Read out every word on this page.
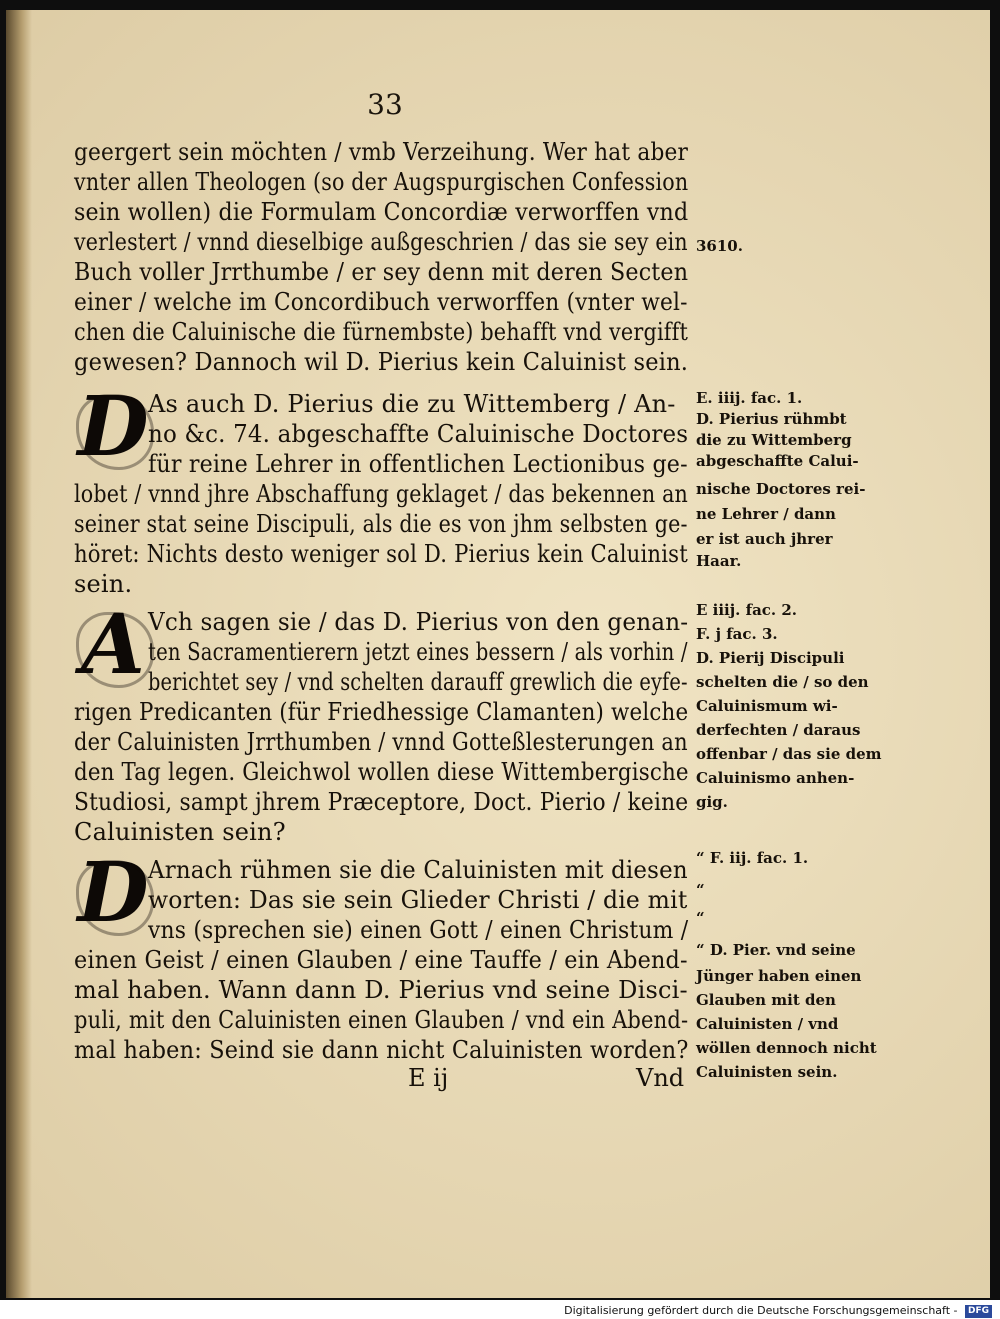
33
geergert sein möchten / vmb Verzeihung. Wer hat aber
vnter allen Theologen (so der Augspurgischen Confession
sein wollen) die Formulam Concordiæ verworffen vnd
verlestert / vnnd dieselbige außgeschrien / das sie sey ein
Buch voller Jrrthumbe / er sey denn mit deren Secten
einer / welche im Concordibuch verworffen (vnter wel-
chen die Caluinische die fürnembste) behafft vnd vergifft
gewesen? Dannoch wil D. Pierius kein Caluinist sein.
D As auch D. Pierius die zu Wittemberg / An-
no &c. 74. abgeschaffte Caluinische Doctores
für reine Lehrer in offentlichen Lectionibus ge-
lobet / vnnd jhre Abschaffung geklaget / das bekennen an
seiner stat seine Discipuli, als die es von jhm selbsten ge-
höret: Nichts desto weniger sol D. Pierius kein Caluinist
sein.
A Vch sagen sie / das D. Pierius von den genan-
ten Sacramentierern jetzt eines bessern / als vorhin /
berichtet sey / vnd schelten darauff grewlich die eyfe-
rigen Predicanten (für Friedhessige Clamanten) welche
der Caluinisten Jrrthumben / vnnd Gotteßlesterungen an
den Tag legen. Gleichwol wollen diese Wittembergische
Studiosi, sampt jhrem Præceptore, Doct. Pierio / keine
Caluinisten sein?
D Arnach rühmen sie die Caluinisten mit diesen
worten: Das sie sein Glieder Christi / die mit
vns (sprechen sie) einen Gott / einen Christum /
einen Geist / einen Glauben / eine Tauffe / ein Abend-
mal haben. Wann dann D. Pierius vnd seine Disci-
puli, mit den Caluinisten einen Glauben / vnd ein Abend-
mal haben: Seind sie dann nicht Caluinisten worden?
3610.
E. iiij. fac. 1.
D. Pierius rühmbt
die zu Wittemberg
abgeschaffte Calui-
nische Doctores rei-
ne Lehrer / dann
er ist auch jhrer
Haar.
E iiij. fac. 2.
F. j fac. 3.
D. Pierij Discipuli
schelten die / so den
Caluinismum wi-
derfechten / daraus
offenbar / das sie dem
Caluinismo anhen-
gig.
“ F. iij. fac. 1.
“
“
“ D. Pier. vnd seine
Jünger haben einen
Glauben mit den
Caluinisten / vnd
wöllen dennoch nicht
Caluinisten sein.
E ij	Vnd
Digitalisierung gefördert durch die Deutsche Forschungsgemeinschaft - DFG
